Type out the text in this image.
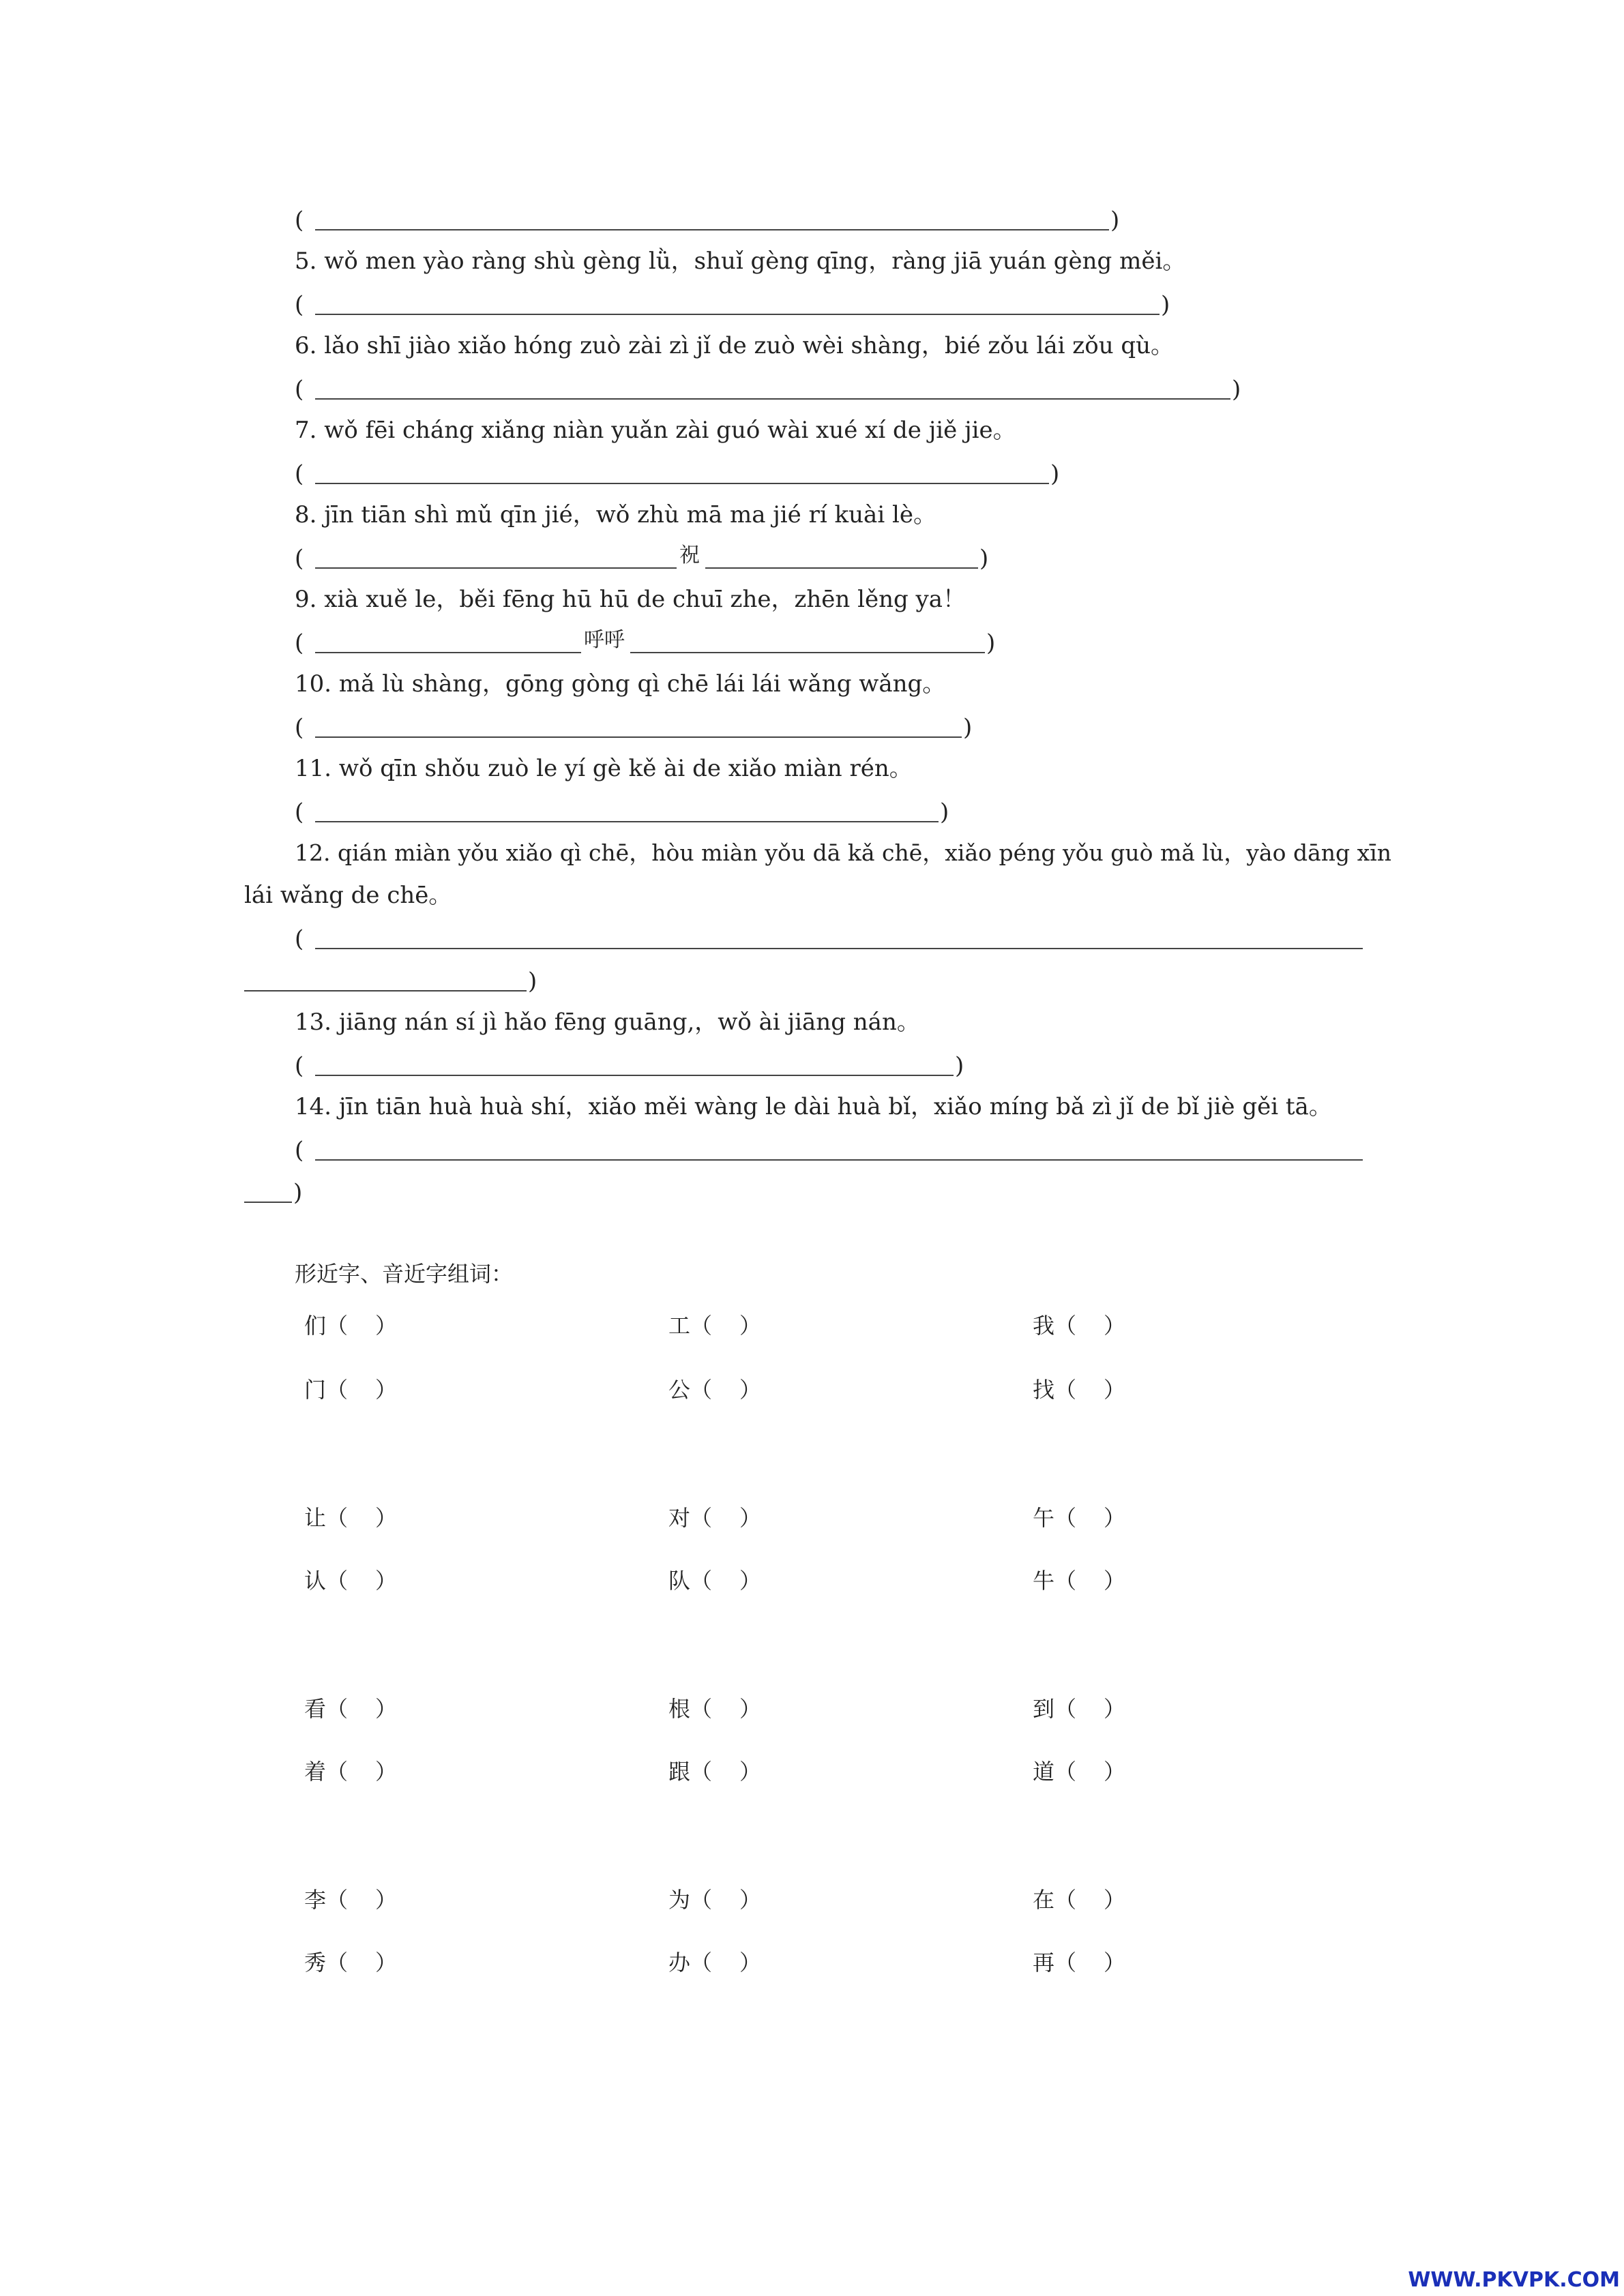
(	)
5. wǒ men yào ràng shù gèng lǜ，shuǐ gèng qīng，ràng jiā yuán gèng měi。
(	)
6. lǎo shī jiào xiǎo hóng zuò zài zì jǐ de zuò wèi shàng，bié zǒu lái zǒu qù。
(	)
7. wǒ fēi cháng xiǎng niàn yuǎn zài guó wài xué xí de jiě jie。
(	)
8. jīn tiān shì mǔ qīn jié，wǒ zhù mā ma jié rí kuài lè。
(	祝	)
9. xià xuě le，běi fēng hū hū de chuī zhe，zhēn lěng ya！
(	呼呼	)
10. mǎ lù shàng，gōng gòng qì chē lái lái wǎng wǎng。
(	)
11. wǒ qīn shǒu zuò le yí gè kě ài de xiǎo miàn rén。
(	)
12. qián miàn yǒu xiǎo qì chē，hòu miàn yǒu dā kǎ chē，xiǎo péng yǒu guò mǎ lù，yào dāng xīn
lái wǎng de chē。
(
)
13. jiāng nán sí jì hǎo fēng guāng,，wǒ ài jiāng nán。
(	)
14. jīn tiān huà huà shí，xiǎo měi wàng le dài huà bǐ，xiǎo míng bǎ zì jǐ de bǐ jiè gěi tā。
(
)
形近字、音近字组词：
们（ ）	工（ ）	我（ ）
门（ ）	公（ ）	找（ ）
让（ ）	对（ ）	午（ ）
认（ ）	队（ ）	牛（ ）
看（ ）	根（ ）	到（ ）
着（ ）	跟（ ）	道（ ）
李（ ）	为（ ）	在（ ）
秀（ ）	办（ ）	再（ ）
WWW.PKVPK.COM
